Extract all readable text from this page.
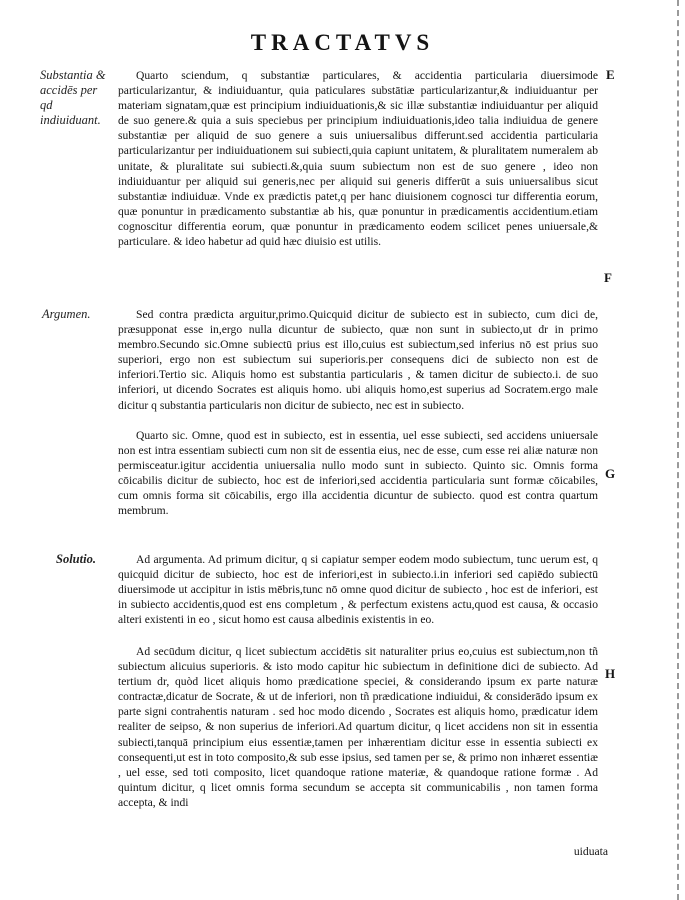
TRACTATVS
Substantia & accidēs per qd indiuiduant.
Argumen.
Solutio.
E
F
G
H

Quarto sciendum, q substantiæ particulares, & accidentia particularia diuersimode particularizantur, & indiuiduantur, quia paticulares substātiæ particularizantur,& indiuiduantur per materiam signatam,quæ est principium indiuiduationis,& sic illæ substantiæ indiuiduantur per aliquid de suo genere.& quia a suis speciebus per principium indiuiduationis,ideo talia indiuidua de genere substantiæ per aliquid de suo genere a suis uniuersalibus differunt.sed accidentia particularia particularizantur per indiuiduationem sui subiecti,quia capiunt unitatem, & pluralitatem numeralem ab unitate, & pluralitate sui subiecti.&,quia suum subiectum non est de suo genere , ideo non indiuiduantur per aliquid sui generis,nec per aliquid sui generis differūt a suis uniuersalibus sicut substantiæ indiuiduæ. Vnde ex prædictis patet,q per hanc diuisionem cognosci tur differentia eorum, quæ ponuntur in prædicamento substantiæ ab his, quæ ponuntur in prædicamentis accidentium.etiam cognoscitur differentia eorum, quæ ponuntur in prædicamento eodem scilicet penes uniuersale,& particulare. & ideo habetur ad quid hæc diuisio est utilis.

Sed contra prædicta arguitur,primo.Quicquid dicitur de subiecto est in subiecto, cum dici de, præsupponat esse in,ergo nulla dicuntur de subiecto, quæ non sunt in subiecto,ut dr in primo membro.Secundo sic.Omne subiectū prius est illo,cuius est subiectum,sed inferius nō est prius suo superiori, ergo non est subiectum sui superioris.per consequens dici de subiecto non est de inferiori.Tertio sic. Aliquis homo est substantia particularis , & tamen dicitur de subiecto.i. de suo inferiori, ut dicendo Socrates est aliquis homo. ubi aliquis homo,est superius ad Socratem.ergo male dicitur q substantia particularis non dicitur de subiecto, nec est in subiecto.

Quarto sic. Omne, quod est in subiecto, est in essentia, uel esse subiecti, sed accidens uniuersale non est intra essentiam subiecti cum non sit de essentia eius, nec de esse, cum esse rei aliæ naturæ non permisceatur.igitur accidentia uniuersalia nullo modo sunt in subiecto. Quinto sic. Omnis forma cōicabilis dicitur de subiecto, hoc est de inferiori,sed accidentia particularia sunt formæ cōicabiles, cum omnis forma sit cōicabilis, ergo illa accidentia dicuntur de subiecto. quod est contra quartum membrum.

Ad argumenta. Ad primum dicitur, q si capiatur semper eodem modo subiectum, tunc uerum est, q quicquid dicitur de subiecto, hoc est de inferiori,est in subiecto.i.in inferiori sed capiēdo subiectū diuersimode ut accipitur in istis mēbris,tunc nō omne quod dicitur de subiecto , hoc est de inferiori, est in subiecto accidentis,quod est ens completum , & perfectum existens actu,quod est causa, & occasio alteri existenti in eo , sicut homo est causa albedinis existentis in eo.

Ad secūdum dicitur, q licet subiectum accidētis sit naturaliter prius eo,cuius est subiectum,non tñ subiectum alicuius superioris. & isto modo capitur hic subiectum in definitione dici de subiecto. Ad tertium dr, quòd licet aliquis homo prædicatione speciei, & considerando ipsum ex parte naturæ contractæ,dicatur de Socrate, & ut de inferiori, non tñ prædicatione indiuidui, & considerādo ipsum ex parte signi contrahentis naturam . sed hoc modo dicendo , Socrates est aliquis homo, prædicatur idem realiter de seipso, & non superius de inferiori.Ad quartum dicitur, q licet accidens non sit in essentia subiecti,tanquā principium eius essentiæ,tamen per inhærentiam dicitur esse in essentia subiecti ex consequenti,ut est in toto composito,& sub esse ipsius, sed tamen per se, & primo non inhæret essentiæ , uel esse, sed toti composito, licet quandoque ratione materiæ, & quandoque ratione formæ . Ad quintum dicitur, q licet omnis forma secundum se accepta sit communicabilis , non tamen forma accepta, & indi

uiduata
